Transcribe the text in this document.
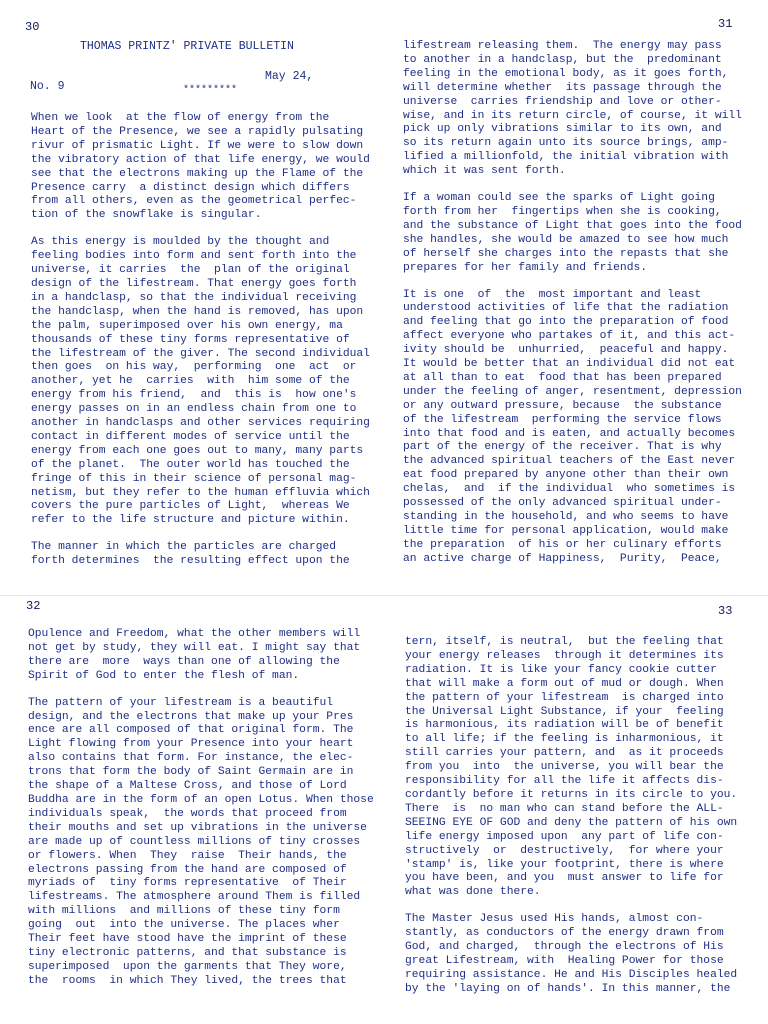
30
THOMAS PRINTZ' PRIVATE BULLETIN
May 24,
No. 9	*********

When we look  at the flow of energy from the

Heart of the Presence, we see a rapidly pulsating

rivur of prismatic Light. If we were to slow down

the vibratory action of that life energy, we would

see that the electrons making up the Flame of the

Presence carry  a distinct design which differs

from all others, even as the geometrical perfec-

tion of the snowflake is singular.

As this energy is moulded by the thought and

feeling bodies into form and sent forth into the

universe, it carries  the  plan of the original

design of the lifestream. That energy goes forth

in a handclasp, so that the individual receiving

the handclasp, when the hand is removed, has upon

the palm, superimposed over his own energy, ma

thousands of these tiny forms representative of

the lifestream of the giver. The second individual

then goes  on his way,  performing  one  act  or

another, yet he  carries  with  him some of the

energy from his friend,  and  this is  how one's

energy passes on in an endless chain from one to

another in handclasps and other services requiring

contact in different modes of service until the

energy from each one goes out to many, many parts

of the planet.  The outer world has touched the

fringe of this in their science of personal mag-

netism, but they refer to the human effluvia which

covers the pure particles of Light,  whereas We

refer to the life structure and picture within.

The manner in which the particles are charged

forth determines  the resulting effect upon the

31

lifestream releasing them.  The energy may pass

to another in a handclasp, but the  predominant

feeling in the emotional body, as it goes forth,

will determine whether  its passage through the

universe  carries friendship and love or other-

wise, and in its return circle, of course, it will

pick up only vibrations similar to its own, and

so its return again unto its source brings, amp-

lified a millionfold, the initial vibration with

which it was sent forth.

If a woman could see the sparks of Light going

forth from her  fingertips when she is cooking,

and the substance of Light that goes into the food

she handles, she would be amazed to see how much

of herself she charges into the repasts that she

prepares for her family and friends.

It is one  of  the  most important and least

understood activities of life that the radiation

and feeling that go into the preparation of food

affect everyone who partakes of it, and this act-

ivity should be  unhurried,  peaceful and happy.

It would be better that an individual did not eat

at all than to eat  food that has been prepared

under the feeling of anger, resentment, depression

or any outward pressure, because  the substance

of the lifestream  performing the service flows

into that food and is eaten, and actually becomes

part of the energy of the receiver. That is why

the advanced spiritual teachers of the East never

eat food prepared by anyone other than their own

chelas,  and  if the individual  who sometimes is

possessed of the only advanced spiritual under-

standing in the household, and who seems to have

little time for personal application, would make

the preparation  of his or her culinary efforts

an active charge of Happiness,  Purity,  Peace,

32

Opulence and Freedom, what the other members will

not get by study, they will eat. I might say that

there are  more  ways than one of allowing the

Spirit of God to enter the flesh of man.

The pattern of your lifestream is a beautiful

design, and the electrons that make up your Pres

ence are all composed of that original form. The

Light flowing from your Presence into your heart

also contains that form. For instance, the elec-

trons that form the body of Saint Germain are in

the shape of a Maltese Cross, and those of Lord

Buddha are in the form of an open Lotus. When those

individuals speak,  the words that proceed from

their mouths and set up vibrations in the universe

are made up of countless millions of tiny crosses

or flowers. When  They  raise  Their hands, the

electrons passing from the hand are composed of

myriads of  tiny forms representative  of Their

lifestreams. The atmosphere around Them is filled

with millions  and millions of these tiny form

going  out  into the universe. The places wher

Their feet have stood have the imprint of these

tiny electronic patterns, and that substance is

superimposed  upon the garments that They wore,

the  rooms  in which They lived, the trees that

33

tern, itself, is neutral,  but the feeling that

your energy releases  through it determines its

radiation. It is like your fancy cookie cutter

that will make a form out of mud or dough. When

the pattern of your lifestream  is charged into

the Universal Light Substance, if your  feeling

is harmonious, its radiation will be of benefit

to all life; if the feeling is inharmonious, it

still carries your pattern, and  as it proceeds

from you  into  the universe, you will bear the

responsibility for all the life it affects dis-

cordantly before it returns in its circle to you.

There  is  no man who can stand before the ALL-

SEEING EYE OF GOD and deny the pattern of his own

life energy imposed upon  any part of life con-

structively  or  destructively,  for where your

'stamp' is, like your footprint, there is where

you have been, and you  must answer to life for

what was done there.

The Master Jesus used His hands, almost con-

stantly, as conductors of the energy drawn from

God, and charged,  through the electrons of His

great Lifestream, with  Healing Power for those

requiring assistance. He and His Disciples healed

by the 'laying on of hands'. In this manner, the
